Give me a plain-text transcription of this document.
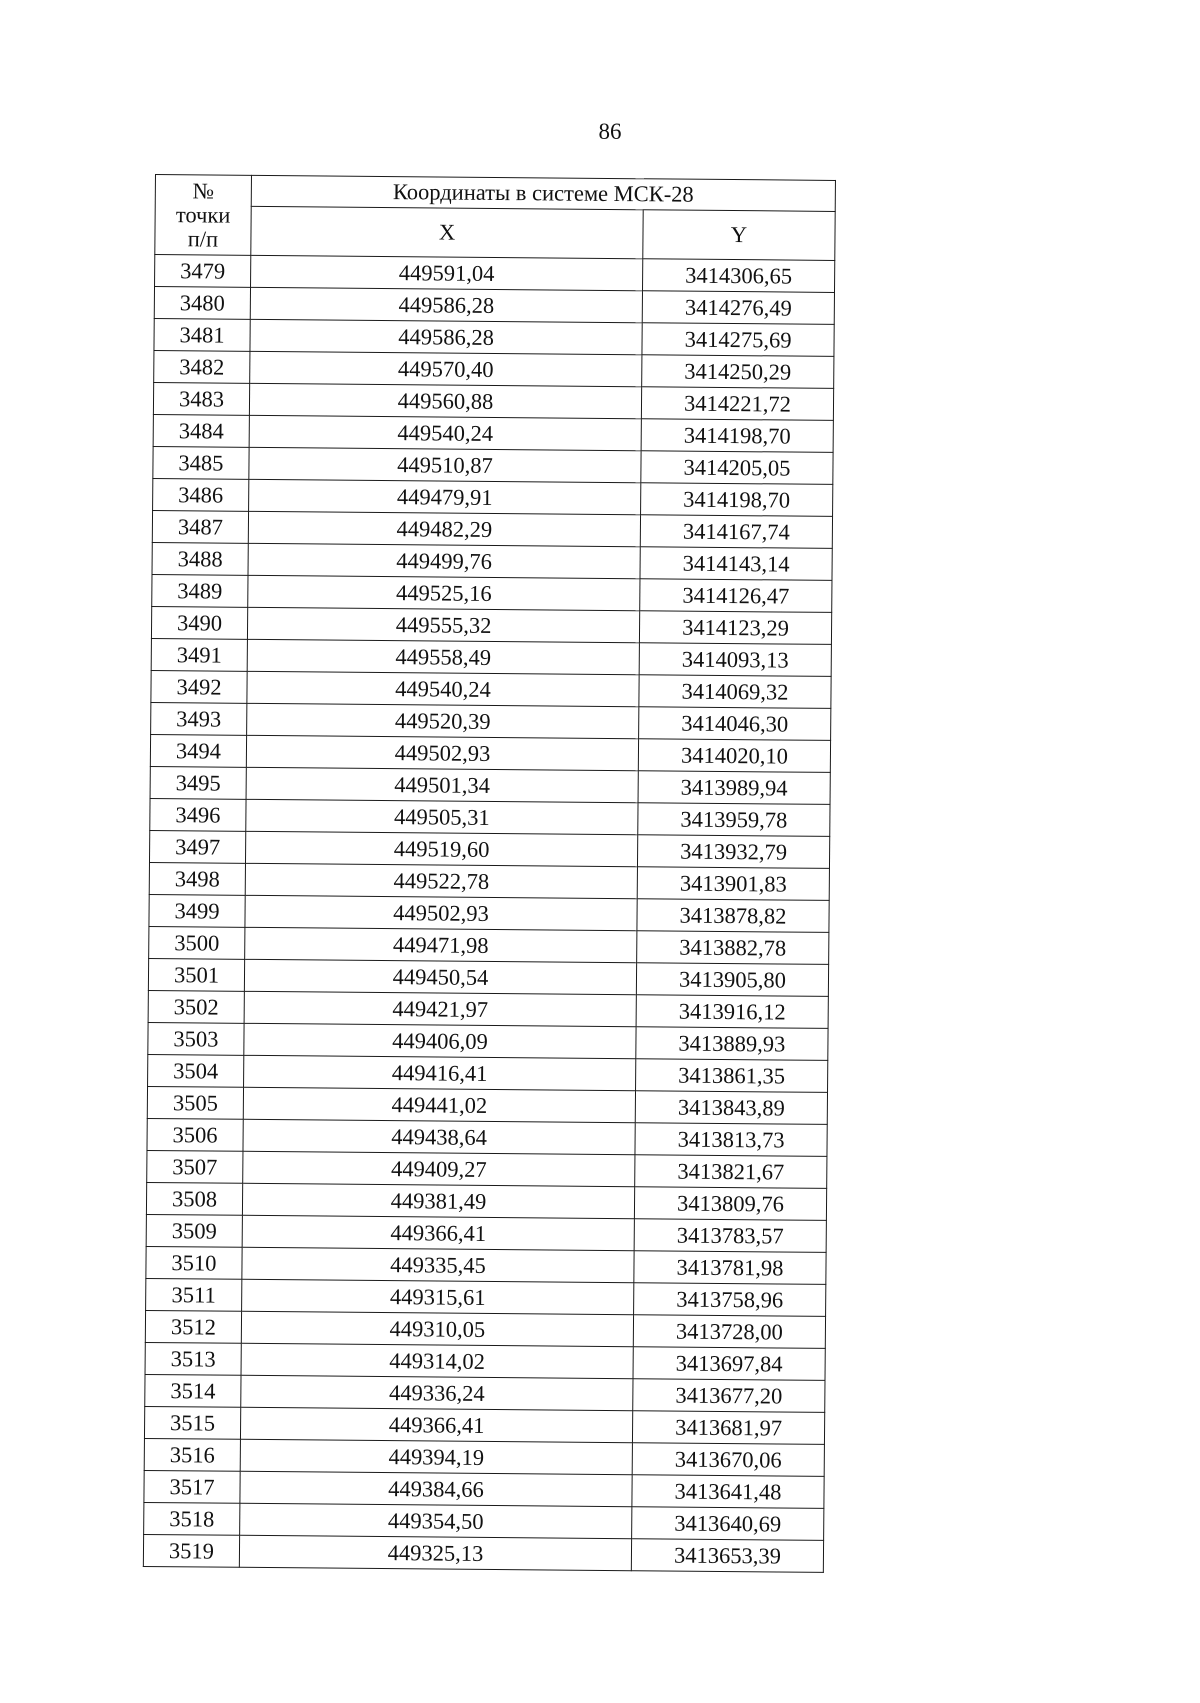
86
№
точки
п/п	Координаты в системе МСК-28	
	X	Y
3479	449591,04	3414306,65
3480	449586,28	3414276,49
3481	449586,28	3414275,69
3482	449570,40	3414250,29
3483	449560,88	3414221,72
3484	449540,24	3414198,70
3485	449510,87	3414205,05
3486	449479,91	3414198,70
3487	449482,29	3414167,74
3488	449499,76	3414143,14
3489	449525,16	3414126,47
3490	449555,32	3414123,29
3491	449558,49	3414093,13
3492	449540,24	3414069,32
3493	449520,39	3414046,30
3494	449502,93	3414020,10
3495	449501,34	3413989,94
3496	449505,31	3413959,78
3497	449519,60	3413932,79
3498	449522,78	3413901,83
3499	449502,93	3413878,82
3500	449471,98	3413882,78
3501	449450,54	3413905,80
3502	449421,97	3413916,12
3503	449406,09	3413889,93
3504	449416,41	3413861,35
3505	449441,02	3413843,89
3506	449438,64	3413813,73
3507	449409,27	3413821,67
3508	449381,49	3413809,76
3509	449366,41	3413783,57
3510	449335,45	3413781,98
3511	449315,61	3413758,96
3512	449310,05	3413728,00
3513	449314,02	3413697,84
3514	449336,24	3413677,20
3515	449366,41	3413681,97
3516	449394,19	3413670,06
3517	449384,66	3413641,48
3518	449354,50	3413640,69
3519	449325,13	3413653,39
